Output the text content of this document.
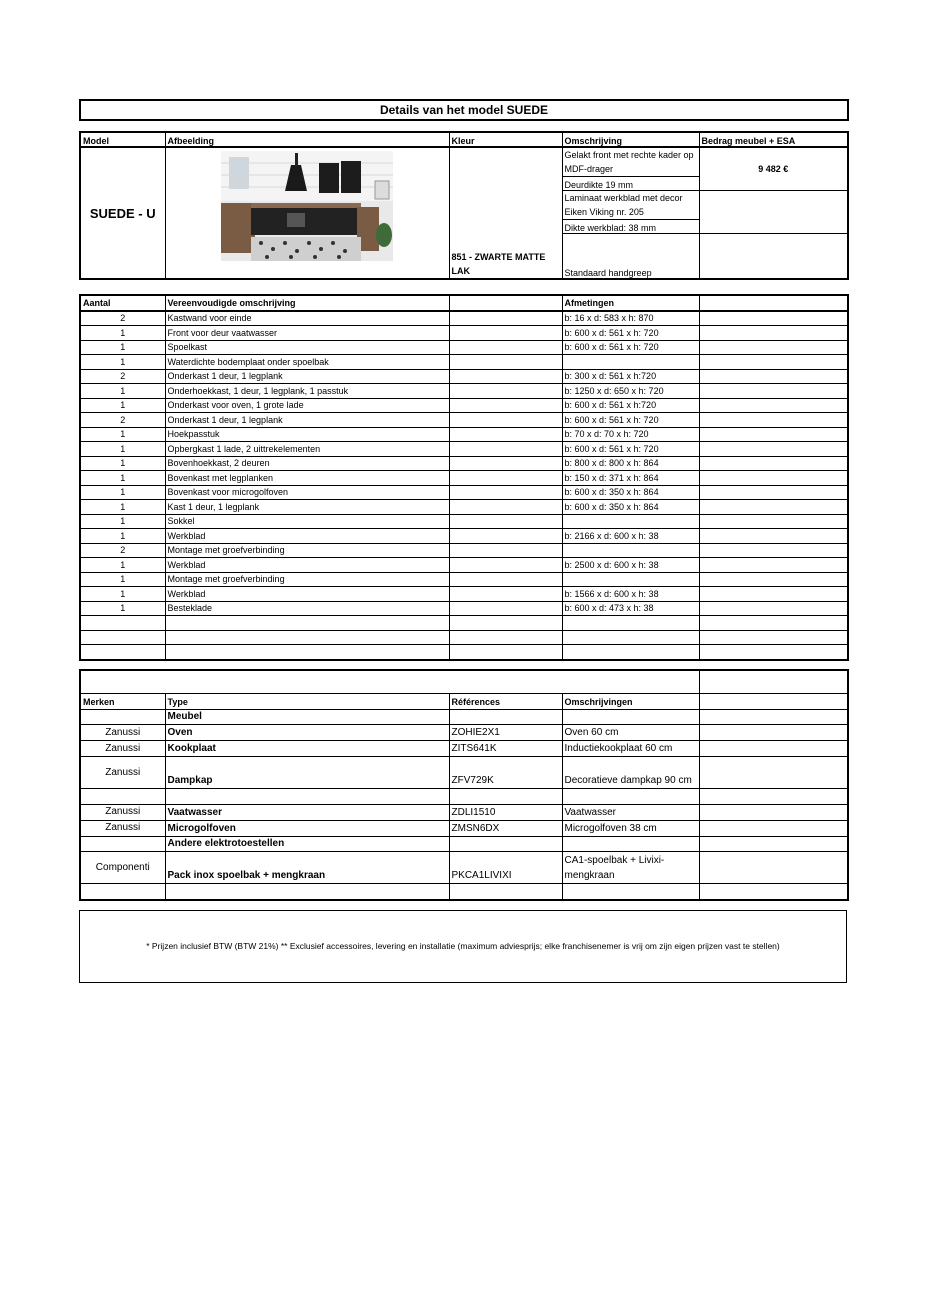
Details van het model SUEDE
Model	Afbeelding	Kleur	Omschrijving	Bedrag meubel + ESA
SUEDE - U		851 - ZWARTE MATTE LAK	Gelakt front met rechte kader op MDF-drager	9 482 €
			Deurdikte 19 mm	
			Laminaat werkblad met decor Eiken Viking nr. 205	
			Dikte werkblad: 38 mm	
			Standaard handgreep	
Aantal	Vereenvoudigde omschrijving		Afmetingen	
2	Kastwand voor einde		b: 16 x d: 583 x h: 870	
1	Front voor deur vaatwasser		b: 600 x d: 561 x h: 720	
1	Spoelkast		b: 600 x d: 561 x h: 720	
1	Waterdichte bodemplaat onder spoelbak			
2	Onderkast 1 deur, 1 legplank		b: 300 x d: 561 x h:720	
1	Onderhoekkast, 1 deur, 1 legplank, 1 passtuk		b: 1250 x d: 650 x h: 720	
1	Onderkast voor oven, 1 grote lade		b: 600 x d: 561 x h:720	
2	Onderkast 1 deur, 1 legplank		b: 600 x d: 561 x h: 720	
1	Hoekpasstuk		b: 70 x d: 70 x h: 720	
1	Opbergkast 1 lade, 2 uittrekelementen		b: 600 x d: 561 x h: 720	
1	Bovenhoekkast, 2 deuren		b: 800 x d: 800 x h: 864	
1	Bovenkast met legplanken		b: 150 x d: 371 x h: 864	
1	Bovenkast voor microgolfoven		b: 600 x d: 350 x h: 864	
1	Kast 1 deur, 1 legplank		b: 600 x d: 350 x h: 864	
1	Sokkel			
1	Werkblad		b: 2166 x d: 600 x h: 38	
2	Montage met groefverbinding			
1	Werkblad		b: 2500 x d: 600 x h: 38	
1	Montage met groefverbinding			
1	Werkblad		b: 1566 x d: 600 x h: 38	
1	Besteklade		b: 600 x d: 473 x h: 38	

Merken	Type	Références	Omschrijvingen	
	Meubel			
Zanussi	Oven	ZOHIE2X1	Oven 60 cm	
Zanussi	Kookplaat	ZITS641K	Inductiekookplaat 60 cm	
Zanussi	Dampkap	ZFV729K	Decoratieve dampkap 90 cm	

Zanussi	Vaatwasser	ZDLI1510	Vaatwasser	
Zanussi	Microgolfoven	ZMSN6DX	Microgolfoven 38 cm	
	Andere elektrotoestellen			
Componenti	Pack inox spoelbak + mengkraan	PKCA1LIVIXI	CA1-spoelbak + Livixi-mengkraan	

* Prijzen inclusief BTW (BTW 21%) ** Exclusief accessoires, levering en installatie (maximum adviesprijs; elke franchisenemer is vrij om zijn eigen prijzen vast te stellen)
